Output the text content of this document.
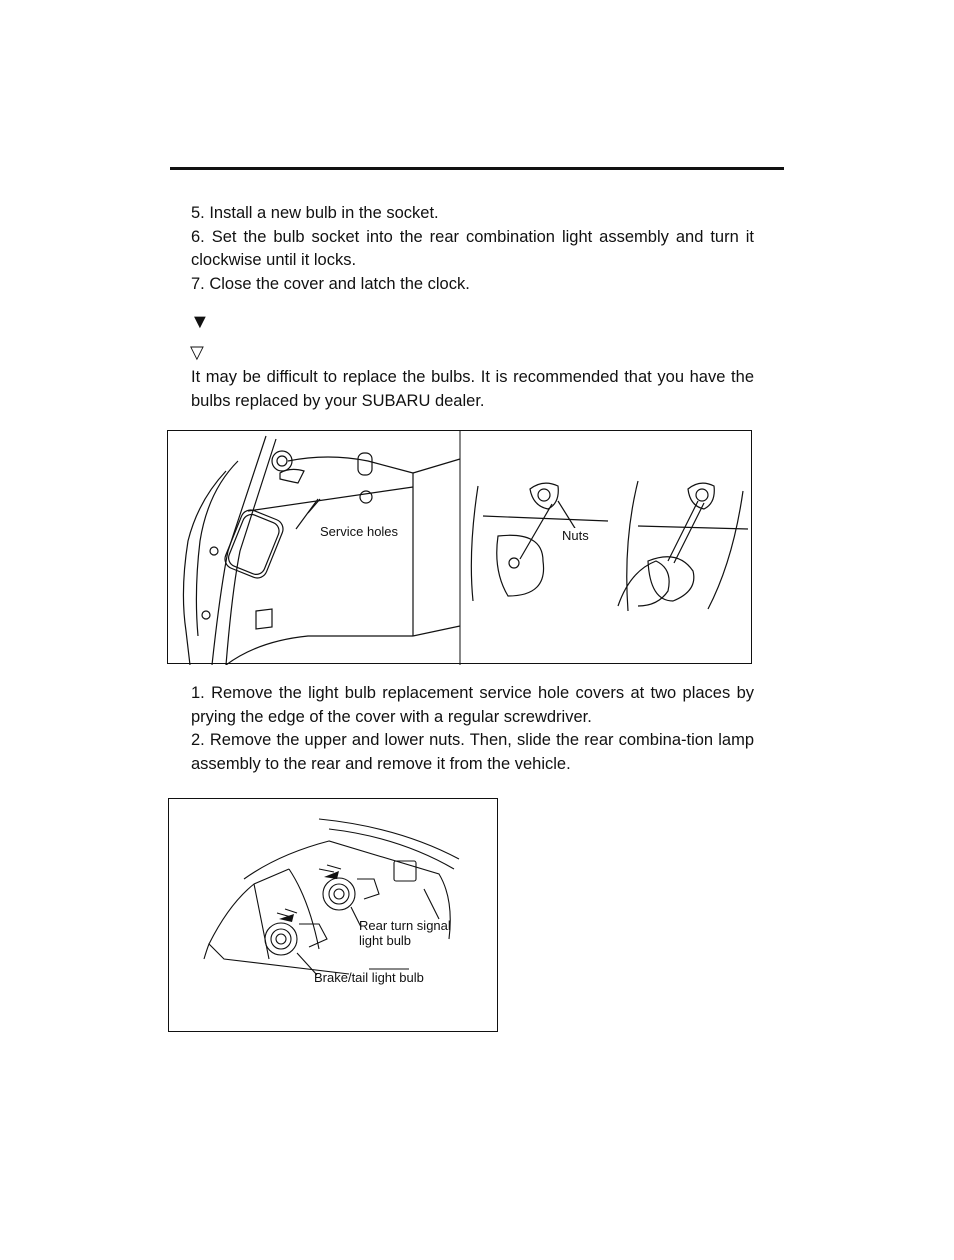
5. Install a new bulb in the socket.

6. Set the bulb socket into the rear combination light assembly and turn it clockwise until it locks.

7. Close the cover and latch the clock.

▼
▽

It may be difficult to replace the bulbs. It is recommended that you have the bulbs replaced by your SUBARU dealer.

Service holes	Nuts

1. Remove the light bulb replacement service hole covers at two places by prying the edge of the cover with a regular screwdriver.

2. Remove the upper and lower nuts. Then, slide the rear combina-tion lamp assembly to the rear and remove it from the vehicle.

Rear turn signal light bulb
Brake/tail light bulb
